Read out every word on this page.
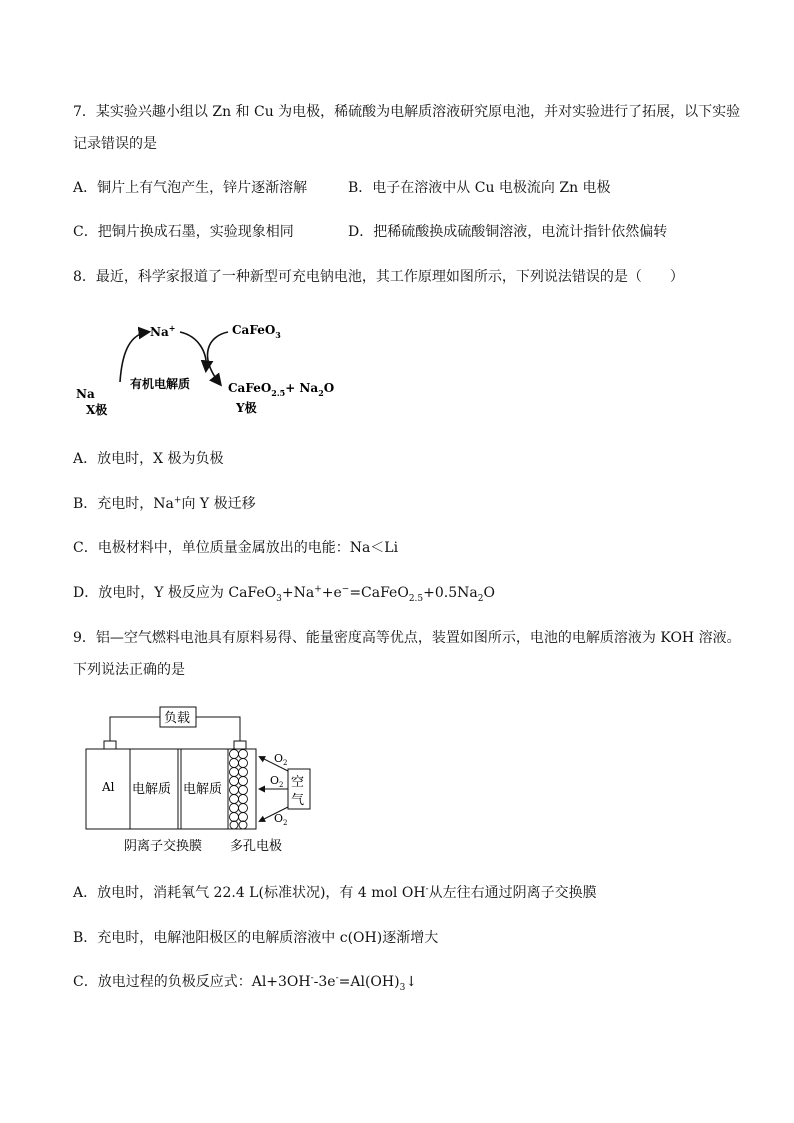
7．某实验兴趣小组以 Zn 和 Cu 为电极，稀硫酸为电解质溶液研究原电池，并对实验进行了拓展，以下实验
记录错误的是
A．铜片上有气泡产生，锌片逐渐溶解	B．电子在溶液中从 Cu 电极流向 Zn 电极
C．把铜片换成石墨，实验现象相同	D．把稀硫酸换成硫酸铜溶液，电流计指针依然偏转
8．最近，科学家报道了一种新型可充电钠电池，其工作原理如图所示，下列说法错误的是（　　）
Na+
Na
X极
有机电解质
CaFeO$_3$
CaFeO$_{2.5}$+ $Na_2O$
Y极
A．放电时，X 极为负极
B．充电时，Na+向 Y 极迁移
C．电极材料中，单位质量金属放出的电能：Na＜Li
D．放电时，Y 极反应为 $CaFeO_3+Na^++e^-=CaFeO_{2.5}+0.5Na_2O$
9．铝—空气燃料电池具有原料易得、能量密度高等优点，装置如图所示，电池的电解质溶液为 KOH 溶液。
下列说法正确的是
负载
Al 电解质 电解质	空
气
$O_2$
$O_2$
$O_2$
阴离子交换膜 多孔电极
A．放电时，消耗氧气 22.4 L(标准状况)，有 4 mol OH-从左往右通过阴离子交换膜
B．充电时，电解池阳极区的电解质溶液中 c(OH)逐渐增大
C．放电过程的负极反应式：$Al+3OH^--3e^-=Al(OH)_3↓$
